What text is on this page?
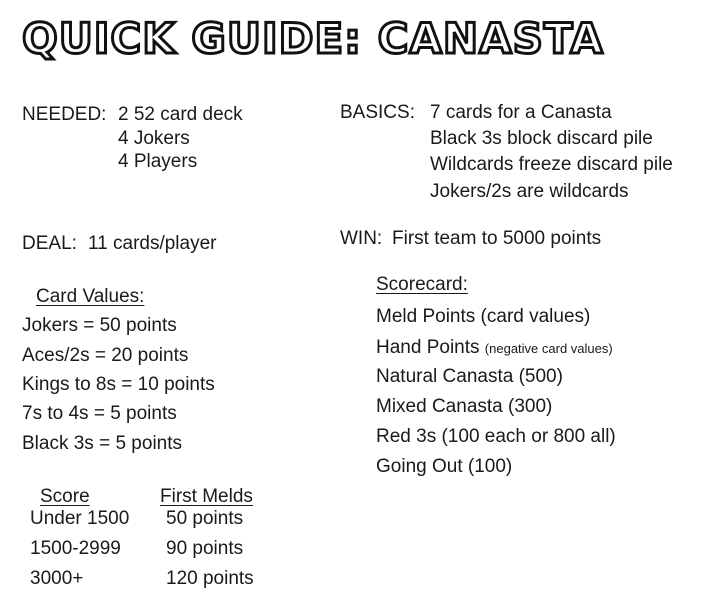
QUICK GUIDE: CANASTA
NEEDED: 2 52 card deck
4 Jokers
4 Players
DEAL: 11 cards/player
Card Values:
Jokers = 50 points
Aces/2s = 20 points
Kings to 8s = 10 points
7s to 4s = 5 points
Black 3s = 5 points
Score	First Melds
Under 1500 50 points
1500-2999 90 points
3000+	120 points
BASICS: 7 cards for a Canasta
Black 3s block discard pile
Wildcards freeze discard pile
Jokers/2s are wildcards
WIN: First team to 5000 points
Scorecard:
Meld Points (card values)
Hand Points (negative card values)
Natural Canasta (500)
Mixed Canasta (300)
Red 3s (100 each or 800 all)
Going Out (100)
